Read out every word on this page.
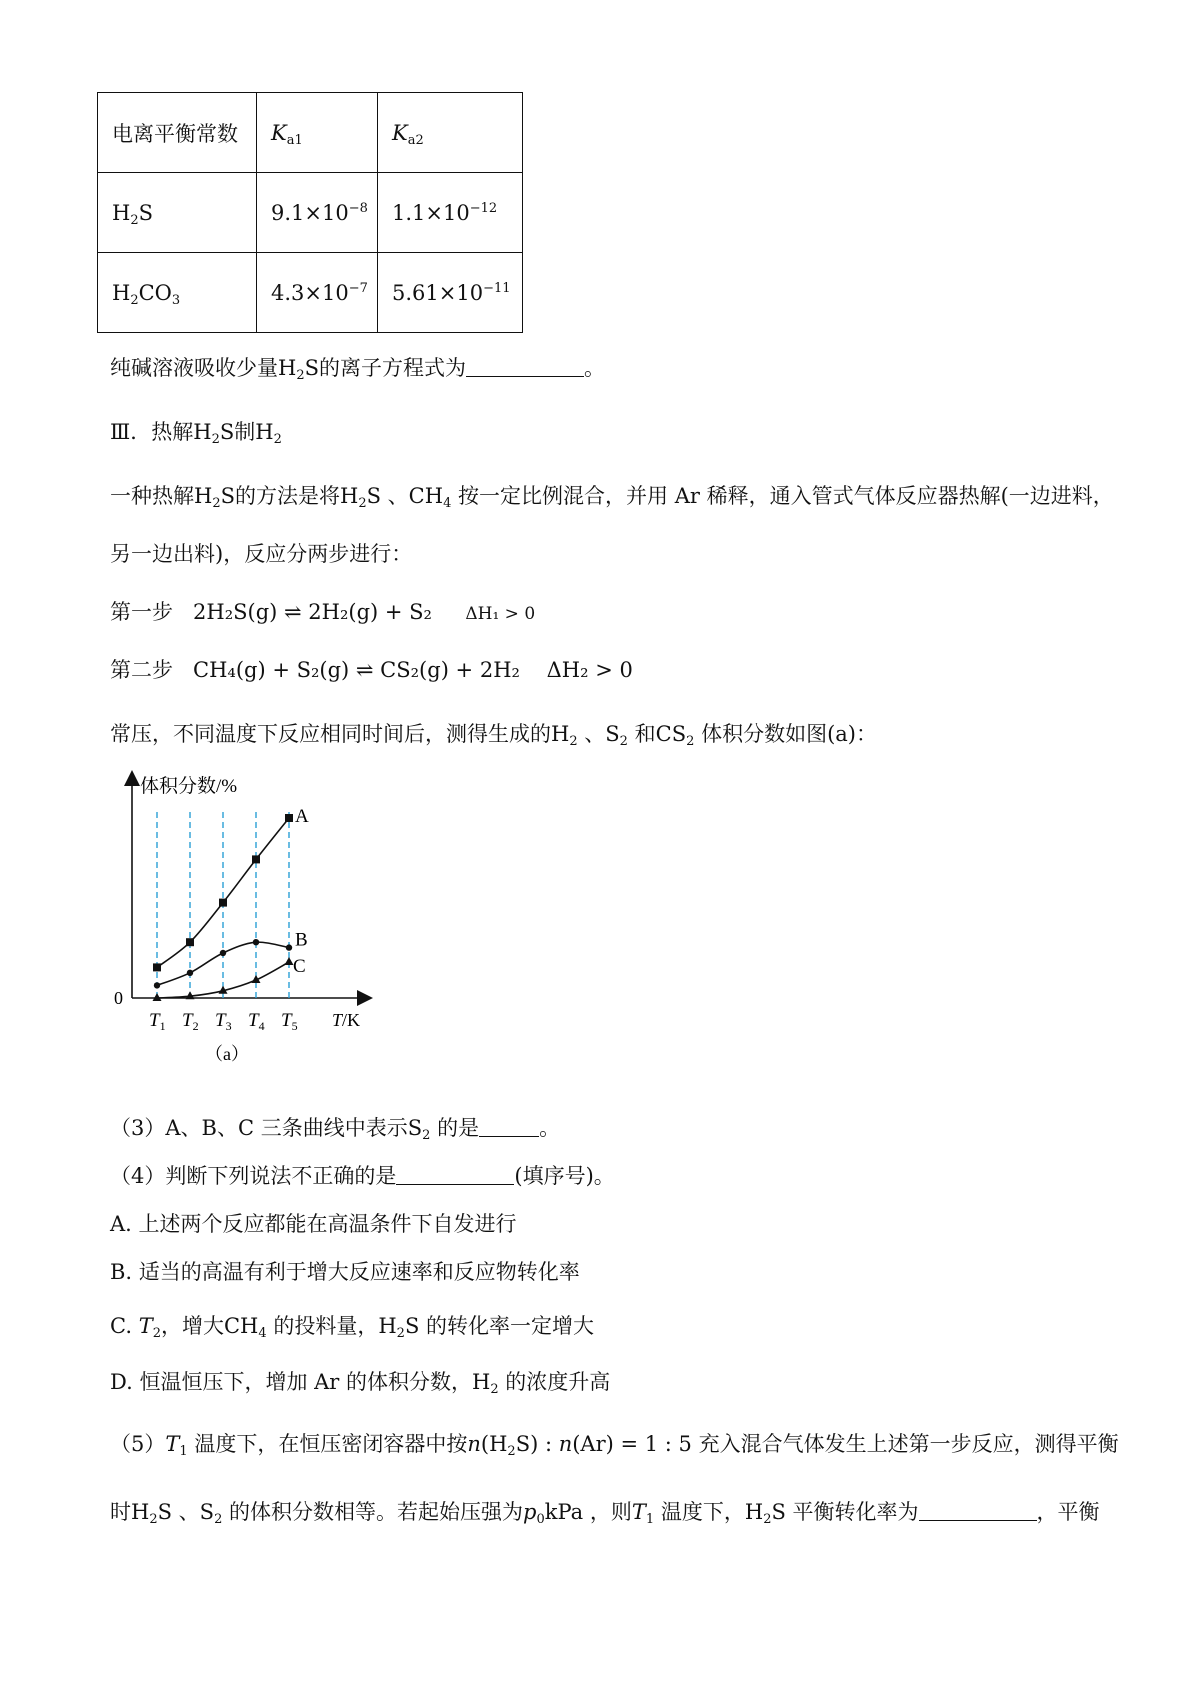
电离平衡常数	$K_{a1}$	$K_{a2}$
$H_2S$	$9.1\times 10^{-8}$	$1.1\times 10^{-12}$
$H_2CO_3$	$4.3\times 10^{-7}$	$5.61\times 10^{-11}$
纯碱溶液吸收少量$H_2S$的离子方程式为	。
Ⅲ．热解$H_2S$制$H_2$
一种热解$H_2S$的方法是将$H_2S$ 、$CH_4$ 按一定比例混合，并用 Ar 稀释，通入管式气体反应器热解(一边进料，
另一边出料)，反应分两步进行：
第一步 2H₂S(g) ⇌ 2H₂(g) + S₂ ΔH₁ > 0
第二步 CH₄(g) + S₂(g) ⇌ CS₂(g) + 2H₂ ΔH₂ > 0
常压，不同温度下反应相同时间后，测得生成的$H_2$ 、$S_2$ 和$CS_2$ 体积分数如图(a)：
体积分数/%
0
T/K
T/K
$T_1$ $T_2$ $T_3$ $T_4$ $T_5$
A
B
C
（a）
（3）A、B、C 三条曲线中表示$S_2$ 的是	。
（4）判断下列说法不正确的是	(填序号)。
A. 上述两个反应都能在高温条件下自发进行
B. 适当的高温有利于增大反应速率和反应物转化率
C. $T_2$，增大$CH_4$ 的投料量，$H_2S$ 的转化率一定增大
D. 恒温恒压下，增加 Ar 的体积分数，$H_2$ 的浓度升高
$(5)T_1$ 温度下，在恒压密闭容器中按$n(H_2S)$ : n(Ar) = 1 : 5 充入混合气体发生上述第一步反应，测得平衡
时$H_2S$ 、$S_2$ 的体积分数相等。若起始压强为$p_0kPa$ ，则$T_1$ 温度下，$H_2S$ 平衡转化率为	，平衡
